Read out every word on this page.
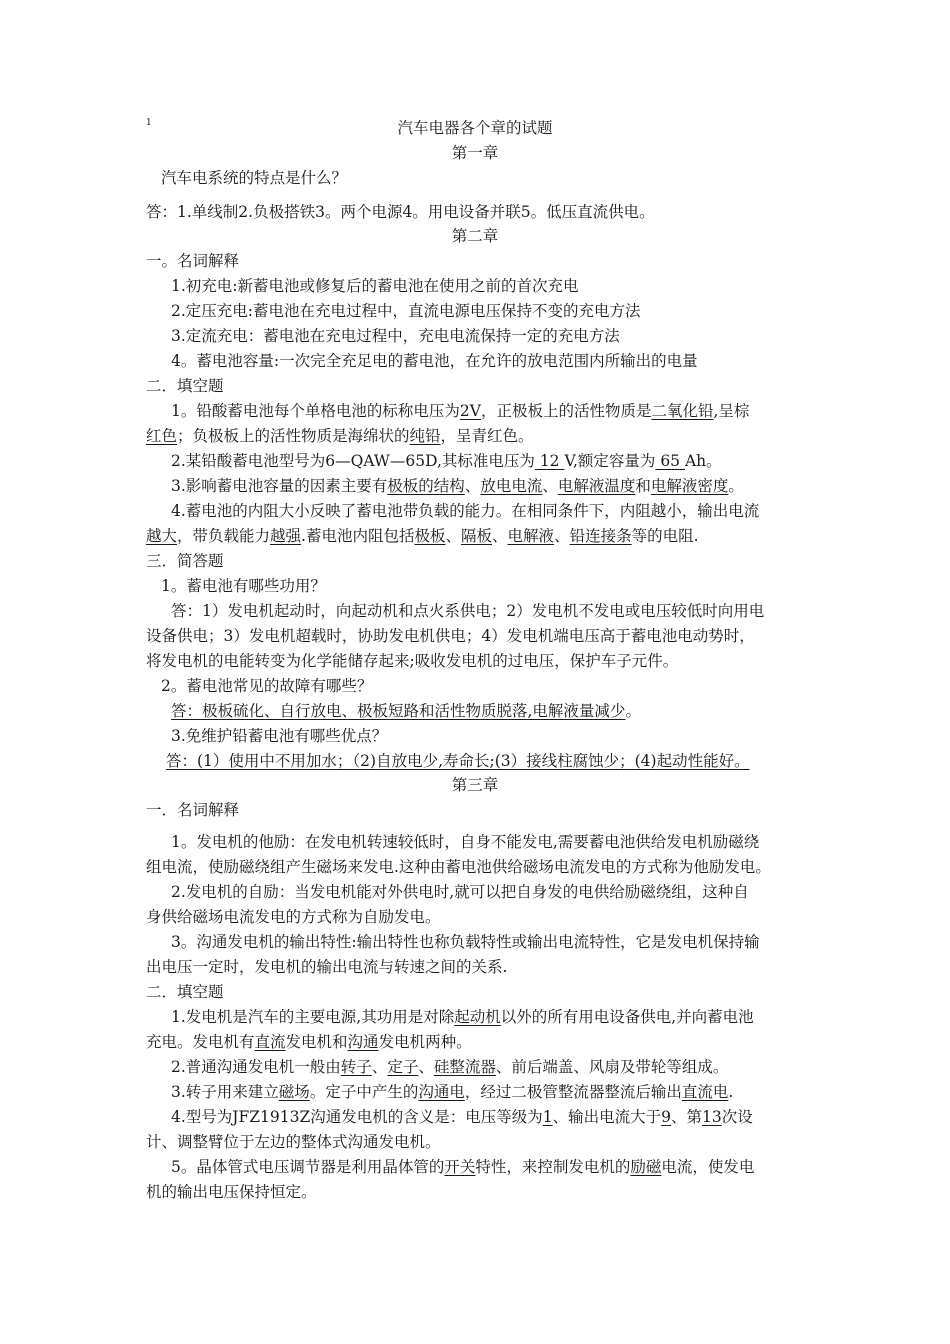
1	汽车电器各个章的试题
第一章
汽车电系统的特点是什么？
答：1.单线制2.负极搭铁3。两个电源4。用电设备并联5。低压直流供电。
第二章
一。名词解释
1.初充电:新蓄电池或修复后的蓄电池在使用之前的首次充电
2.定压充电:蓄电池在充电过程中，直流电源电压保持不变的充电方法
3.定流充电：蓄电池在充电过程中，充电电流保持一定的充电方法
4。蓄电池容量:一次完全充足电的蓄电池，在允许的放电范围内所输出的电量
二．填空题
1。铅酸蓄电池每个单格电池的标称电压为2V，正极板上的活性物质是二氧化铅,呈棕
红色；负极板上的活性物质是海绵状的纯铅，呈青红色。
2.某铅酸蓄电池型号为6—QAW—65D,其标准电压为 12 V,额定容量为 65 Ah。
3.影响蓄电池容量的因素主要有极板的结构、放电电流、电解液温度和电解液密度。
4.蓄电池的内阻大小反映了蓄电池带负载的能力。在相同条件下，内阻越小，输出电流
越大，带负载能力越强.蓄电池内阻包括极板、隔板、电解液、铅连接条等的电阻.
三．简答题
1。蓄电池有哪些功用？
答：1）发电机起动时，向起动机和点火系供电；2）发电机不发电或电压较低时向用电
设备供电；3）发电机超载时，协助发电机供电；4）发电机端电压高于蓄电池电动势时，
将发电机的电能转变为化学能储存起来;吸收发电机的过电压，保护车子元件。
2。蓄电池常见的故障有哪些？
答：极板硫化、自行放电、极板短路和活性物质脱落,电解液量减少。
3.免维护铅蓄电池有哪些优点？
答：(1）使用中不用加水；（2)自放电少,寿命长;(3）接线柱腐蚀少；(4)起动性能好。
第三章
一．名词解释
1。发电机的他励：在发电机转速较低时，自身不能发电,需要蓄电池供给发电机励磁绕
组电流，使励磁绕组产生磁场来发电.这种由蓄电池供给磁场电流发电的方式称为他励发电。
2.发电机的自励：当发电机能对外供电时,就可以把自身发的电供给励磁绕组，这种自
身供给磁场电流发电的方式称为自励发电。
3。沟通发电机的输出特性:输出特性也称负载特性或输出电流特性，它是发电机保持输
出电压一定时，发电机的输出电流与转速之间的关系.
二．填空题
1.发电机是汽车的主要电源,其功用是对除起动机以外的所有用电设备供电,并向蓄电池
充电。发电机有直流发电机和沟通发电机两种。
2.普通沟通发电机一般由转子、定子、硅整流器、前后端盖、风扇及带轮等组成。
3.转子用来建立磁场。定子中产生的沟通电，经过二极管整流器整流后输出直流电.
4.型号为JFZ1913Z沟通发电机的含义是：电压等级为1、输出电流大于9、第13次设
计、调整臂位于左边的整体式沟通发电机。
5。晶体管式电压调节器是利用晶体管的开关特性，来控制发电机的励磁电流，使发电
机的输出电压保持恒定。
